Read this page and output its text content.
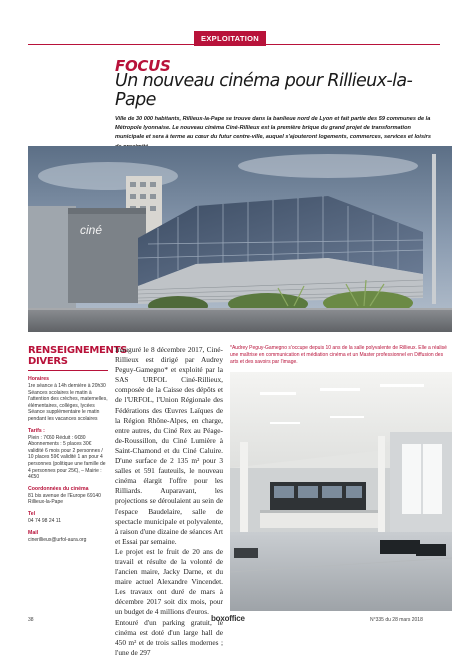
EXPLOITATION
FOCUS
Un nouveau cinéma pour Rillieux-la-Pape
Ville de 30 000 habitants, Rillieux-la-Pape se trouve dans la banlieue nord de Lyon et fait partie des 59 communes de la Métropole lyonnaise. Le nouveau cinéma Ciné-Rillieux est la première brique du grand projet de transformation municipale et sera à terme au cœur du futur centre-ville, auquel s'ajouteront logements, commerces, services et loisirs
ciné
RENSEIGNEMENTS DIVERS
Horaires
1re séance à 14h dernière à 20h30 Séances scolaires le matin à l'attention des crèches, maternelles, élémentaires, collèges, lycées Séance supplémentaire le matin pendant les vacances scolaires
Tarifs :
Plein : 7€60 Réduit : 6€80 Abonnements : 5 places 30€ validité 6 mois pour 2 personnes / 10 places 59€ validité 1 an pour 4 personnes (politique une famille de 4 personnes pour 25€), – Mairie : 4€50
Coordonnées du cinéma
81 bis avenue de l'Europe 69140 Rillieux-la-Pape
Tel
04 74 98 24 11
Mail
cinerillieux@urfol-aura.org

Inauguré le 8 décembre 2017, Ciné-Rillieux est dirigé par Audrey Peguy-Gamegno* et exploité par la SAS URFOL Ciné-Rillieux, composée de la Caisse des dépôts et de l'URFOL, l'Union Régionale des Fédérations des Œuvres Laïques de la Région Rhône-Alpes, en charge, entre autres, du Ciné Rex au Péage-de-Roussillon, du Ciné Lumière à Saint-Chamond et du Ciné Caluire. D'une surface de 2 135 m² pour 3 salles et 591 fauteuils, le nouveau cinéma élargit l'offre pour les Rilliards. Auparavant, les projections se déroulaient au sein de l'espace Baudelaire, salle de spectacle municipale et polyvalente, à raison d'une dizaine de séances Art et Essai par semaine.

Le projet est le fruit de 20 ans de travail et résulte de la volonté de l'ancien maire, Jacky Darne, et du maire actuel Alexandre Vincendet. Les travaux ont duré de mars à décembre 2017 soit dix mois, pour un budget de 4 millions d'euros.

Entouré d'un parking gratuit, le cinéma est doté d'un large hall de 450 m² et de trois salles modernes ; l'une de 297

*Audrey Peguy-Gamegno s'occupe depuis 10 ans de la salle polyvalente de Rillieux. Elle a réalisé une maîtrise en communication et médiation cinéma et un Master professionnel en Diffusion des arts et des savoirs par l'image.
38	boxoffice	N°335 du 28 mars 2018
